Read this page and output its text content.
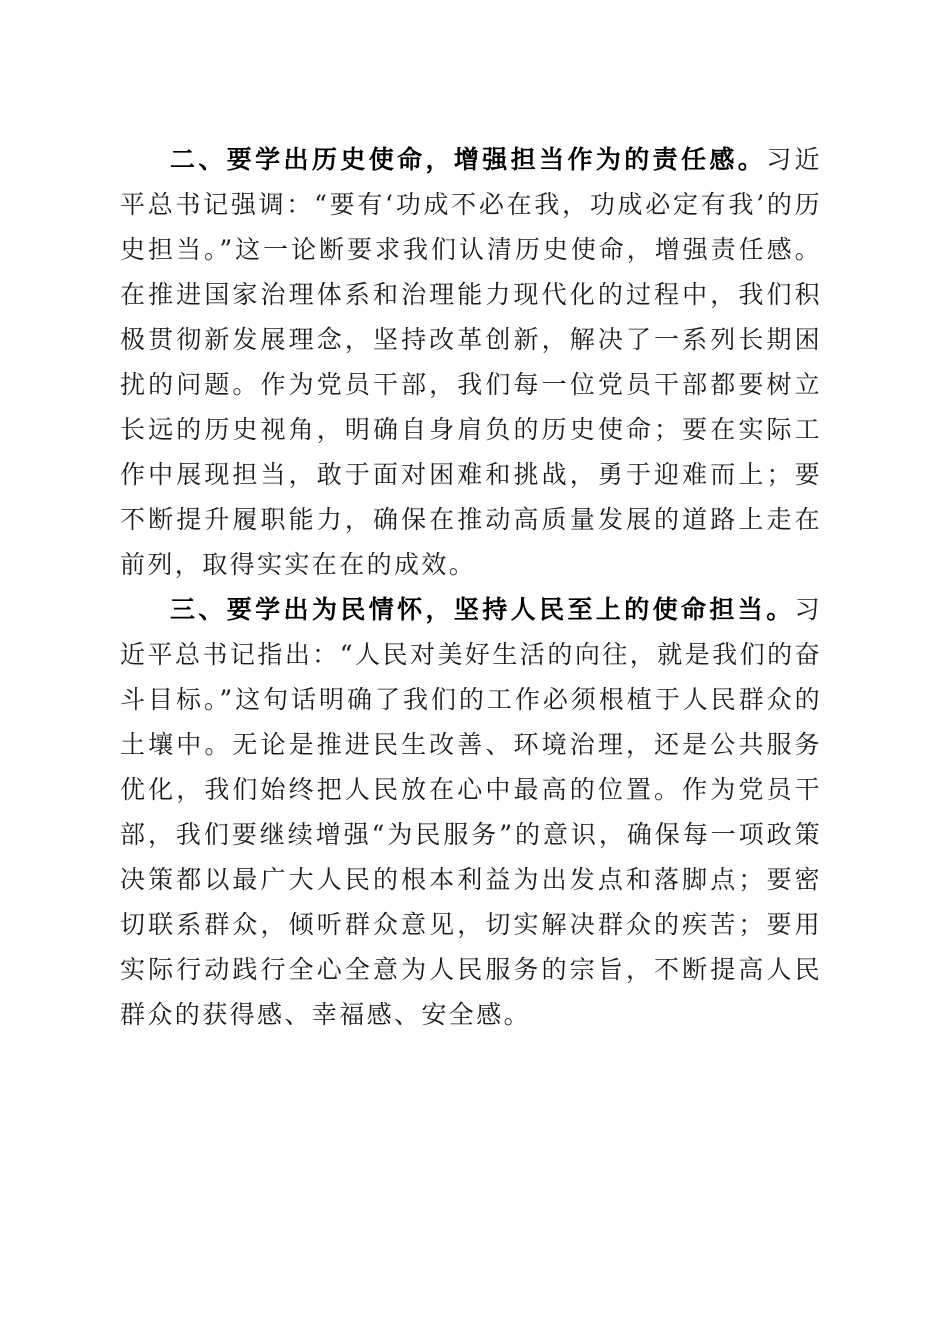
二、要学出历史使命，增强担当作为的责任感。习近平总书记强调：“要有‘功成不必在我，功成必定有我’的历史担当。”这一论断要求我们认清历史使命，增强责任感。在推进国家治理体系和治理能力现代化的过程中，我们积极贯彻新发展理念，坚持改革创新，解决了一系列长期困扰的问题。作为党员干部，我们每一位党员干部都要树立长远的历史视角，明确自身肩负的历史使命；要在实际工作中展现担当，敢于面对困难和挑战，勇于迎难而上；要不断提升履职能力，确保在推动高质量发展的道路上走在前列，取得实实在在的成效。

三、要学出为民情怀，坚持人民至上的使命担当。习近平总书记指出：“人民对美好生活的向往，就是我们的奋斗目标。”这句话明确了我们的工作必须根植于人民群众的土壤中。无论是推进民生改善、环境治理，还是公共服务优化，我们始终把人民放在心中最高的位置。作为党员干部，我们要继续增强“为民服务”的意识，确保每一项政策决策都以最广大人民的根本利益为出发点和落脚点；要密切联系群众，倾听群众意见，切实解决群众的疾苦；要用实际行动践行全心全意为人民服务的宗旨，不断提高人民群众的获得感、幸福感、安全感。
